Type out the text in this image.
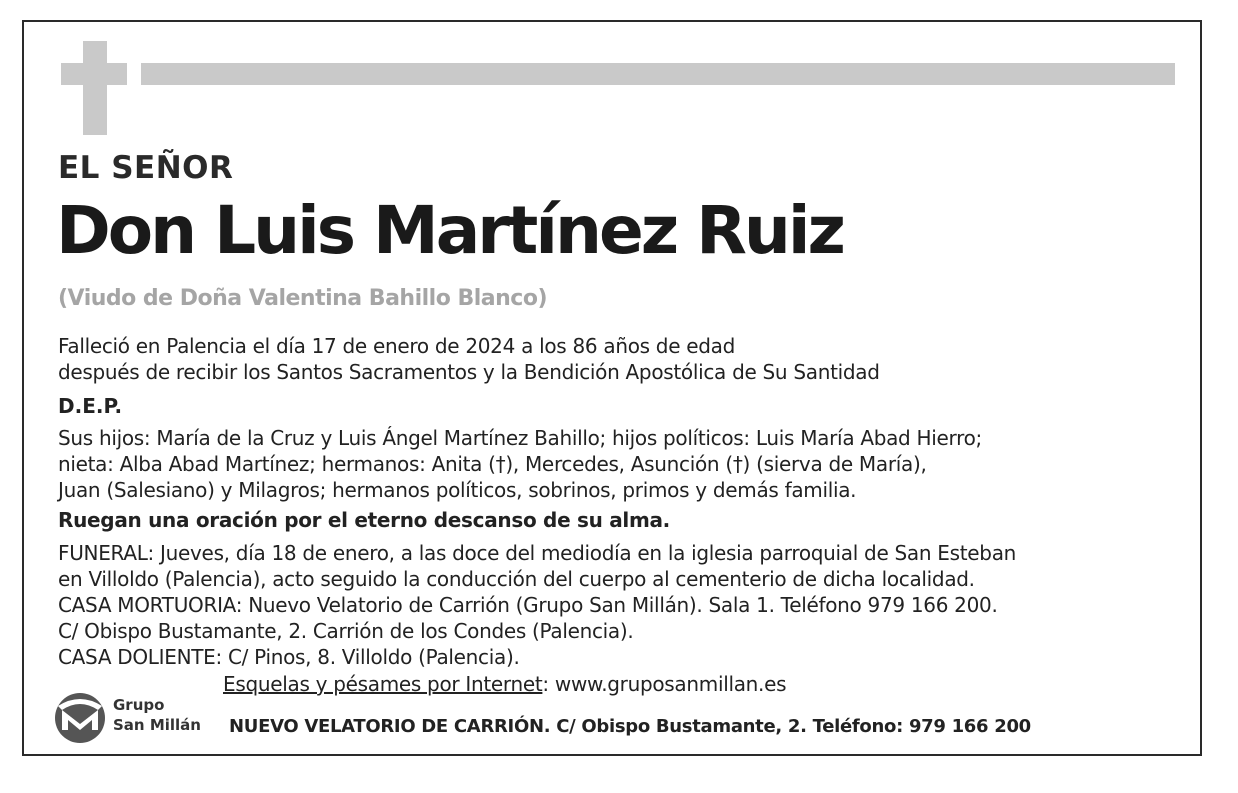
EL SEÑOR
Don Luis Martínez Ruiz
(Viudo de Doña Valentina Bahillo Blanco)
Falleció en Palencia el día 17 de enero de 2024 a los 86 años de edad
después de recibir los Santos Sacramentos y la Bendición Apostólica de Su Santidad
D.E.P.
Sus hijos: María de la Cruz y Luis Ángel Martínez Bahillo; hijos políticos: Luis María Abad Hierro;
nieta: Alba Abad Martínez; hermanos: Anita (†), Mercedes, Asunción (†) (sierva de María),
Juan (Salesiano) y Milagros; hermanos políticos, sobrinos, primos y demás familia.
Ruegan una oración por el eterno descanso de su alma.
FUNERAL: Jueves, día 18 de enero, a las doce del mediodía en la iglesia parroquial de San Esteban
en Villoldo (Palencia), acto seguido la conducción del cuerpo al cementerio de dicha localidad.
CASA MORTUORIA: Nuevo Velatorio de Carrión (Grupo San Millán). Sala 1. Teléfono 979 166 200.
C/ Obispo Bustamante, 2. Carrión de los Condes (Palencia).
CASA DOLIENTE: C/ Pinos, 8. Villoldo (Palencia).
Esquelas y pésames por Internet: www.gruposanmillan.es
Grupo
San Millán NUEVO VELATORIO DE CARRIÓN. C/ Obispo Bustamante, 2. Teléfono: 979 166 200
